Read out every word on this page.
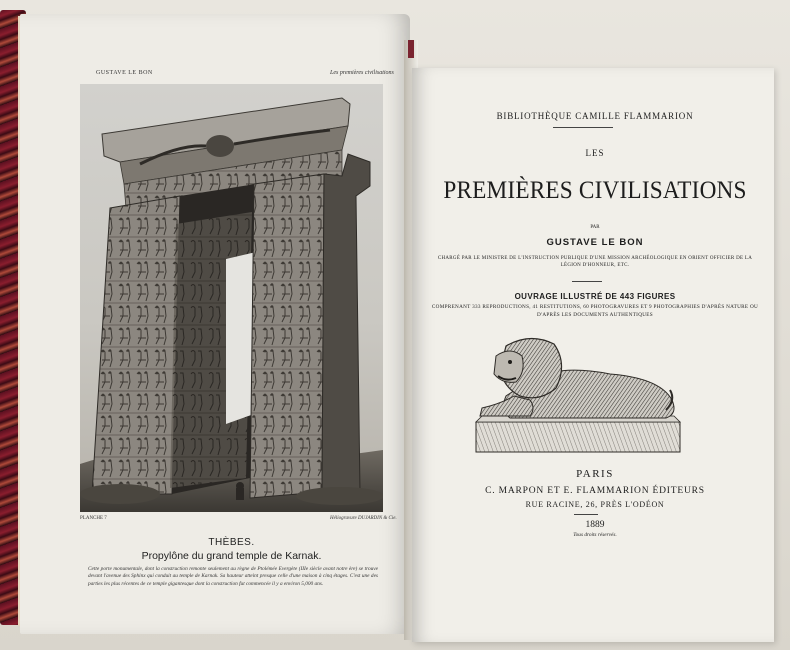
GUSTAVE LE BON	Les premières civilisations
PLANCHE 7	Héliogravure DUJARDIN & Cie.
THÈBES.
Propylône du grand temple de Karnak.
Cette porte monumentale, dont la construction remonte seulement au règne de Ptolémée Evergète (IIIe siècle avant notre ère) se trouve devant l'avenue des Sphinx qui conduit au temple de Karnak. Sa hauteur atteint presque celle d'une maison à cinq étages. C'est une des parties les plus récentes de ce temple gigantesque dont la construction fut commencée il y a environ 5,000 ans.
BIBLIOTHÈQUE CAMILLE FLAMMARION
LES
PREMIÈRES CIVILISATIONS
PAR
GUSTAVE LE BON
CHARGÉ PAR LE MINISTRE DE L'INSTRUCTION PUBLIQUE D'UNE MISSION ARCHÉOLOGIQUE EN ORIENT OFFICIER DE LA LÉGION D'HONNEUR, ETC.
OUVRAGE ILLUSTRÉ DE 443 FIGURES
COMPRENANT 333 REPRODUCTIONS, 41 RESTITUTIONS, 60 PHOTOGRAVURES ET 9 PHOTOGRAPHIES D'APRÈS NATURE OU D'APRÈS LES DOCUMENTS AUTHENTIQUES
PARIS
C. MARPON ET E. FLAMMARION ÉDITEURS
RUE RACINE, 26, PRÈS L'ODÉON
1889
Tous droits réservés.
